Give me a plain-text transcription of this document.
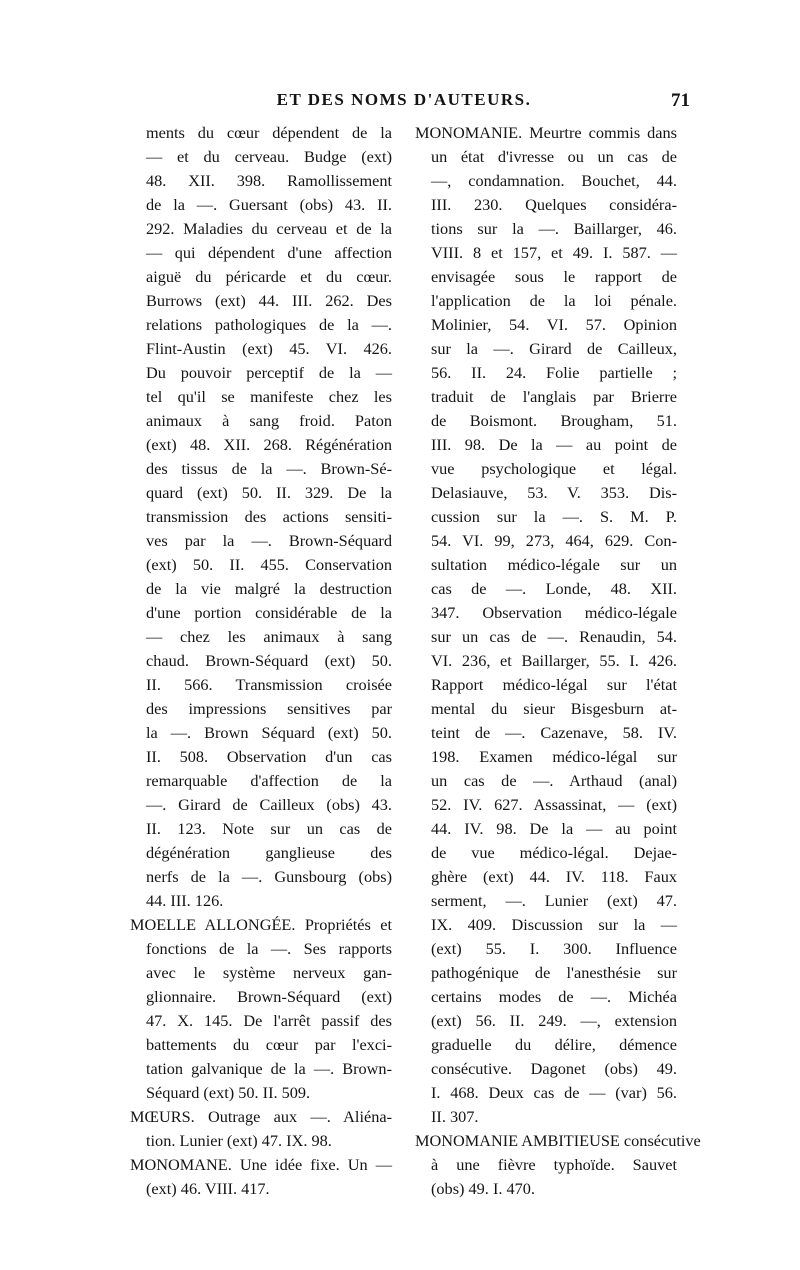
ET DES NOMS D'AUTEURS.	71
ments du cœur dépendent de la
— et du cerveau. Budge (ext)
48. XII. 398. Ramollissement
de la —. Guersant (obs) 43. II.
292. Maladies du cerveau et de la
— qui dépendent d'une affection
aiguë du péricarde et du cœur.
Burrows (ext) 44. III. 262. Des
relations pathologiques de la —.
Flint-Austin (ext) 45. VI. 426.
Du pouvoir perceptif de la —
tel qu'il se manifeste chez les
animaux à sang froid. Paton
(ext) 48. XII. 268. Régénération
des tissus de la —. Brown-Sé-
quard (ext) 50. II. 329. De la
transmission des actions sensiti-
ves par la —. Brown-Séquard
(ext) 50. II. 455. Conservation
de la vie malgré la destruction
d'une portion considérable de la
— chez les animaux à sang
chaud. Brown-Séquard (ext) 50.
II. 566. Transmission croisée
des impressions sensitives par
la —. Brown Séquard (ext) 50.
II. 508. Observation d'un cas
remarquable d'affection de la
—. Girard de Cailleux (obs) 43.
II. 123. Note sur un cas de
dégénération ganglieuse des
nerfs de la —. Gunsbourg (obs)
44. III. 126.
MOELLE ALLONGÉE. Propriétés et
fonctions de la —. Ses rapports
avec le système nerveux gan-
glionnaire. Brown-Séquard (ext)
47. X. 145. De l'arrêt passif des
battements du cœur par l'exci-
tation galvanique de la —. Brown-
Séquard (ext) 50. II. 509.
MŒURS. Outrage aux —. Aliéna-
tion. Lunier (ext) 47. IX. 98.
MONOMANE. Une idée fixe. Un —
(ext) 46. VIII. 417.
MONOMANIE. Meurtre commis dans
un état d'ivresse ou un cas de
—, condamnation. Bouchet, 44.
III. 230. Quelques considéra-
tions sur la —. Baillarger, 46.
VIII. 8 et 157, et 49. I. 587. —
envisagée sous le rapport de
l'application de la loi pénale.
Molinier, 54. VI. 57. Opinion
sur la —. Girard de Cailleux,
56. II. 24. Folie partielle ;
traduit de l'anglais par Brierre
de Boismont. Brougham, 51.
III. 98. De la — au point de
vue psychologique et légal.
Delasiauve, 53. V. 353. Dis-
cussion sur la —. S. M. P.
54. VI. 99, 273, 464, 629. Con-
sultation médico-légale sur un
cas de —. Londe, 48. XII.
347. Observation médico-légale
sur un cas de —. Renaudin, 54.
VI. 236, et Baillarger, 55. I. 426.
Rapport médico-légal sur l'état
mental du sieur Bisgesburn at-
teint de —. Cazenave, 58. IV.
198. Examen médico-légal sur
un cas de —. Arthaud (anal)
52. IV. 627. Assassinat, — (ext)
44. IV. 98. De la — au point
de vue médico-légal. Dejae-
ghère (ext) 44. IV. 118. Faux
serment, —. Lunier (ext) 47.
IX. 409. Discussion sur la —
(ext) 55. I. 300. Influence
pathogénique de l'anesthésie sur
certains modes de —. Michéa
(ext) 56. II. 249. —, extension
graduelle du délire, démence
consécutive. Dagonet (obs) 49.
I. 468. Deux cas de — (var) 56.
II. 307.
MONOMANIE AMBITIEUSE consécutive
à une fièvre typhoïde. Sauvet
(obs) 49. I. 470.
